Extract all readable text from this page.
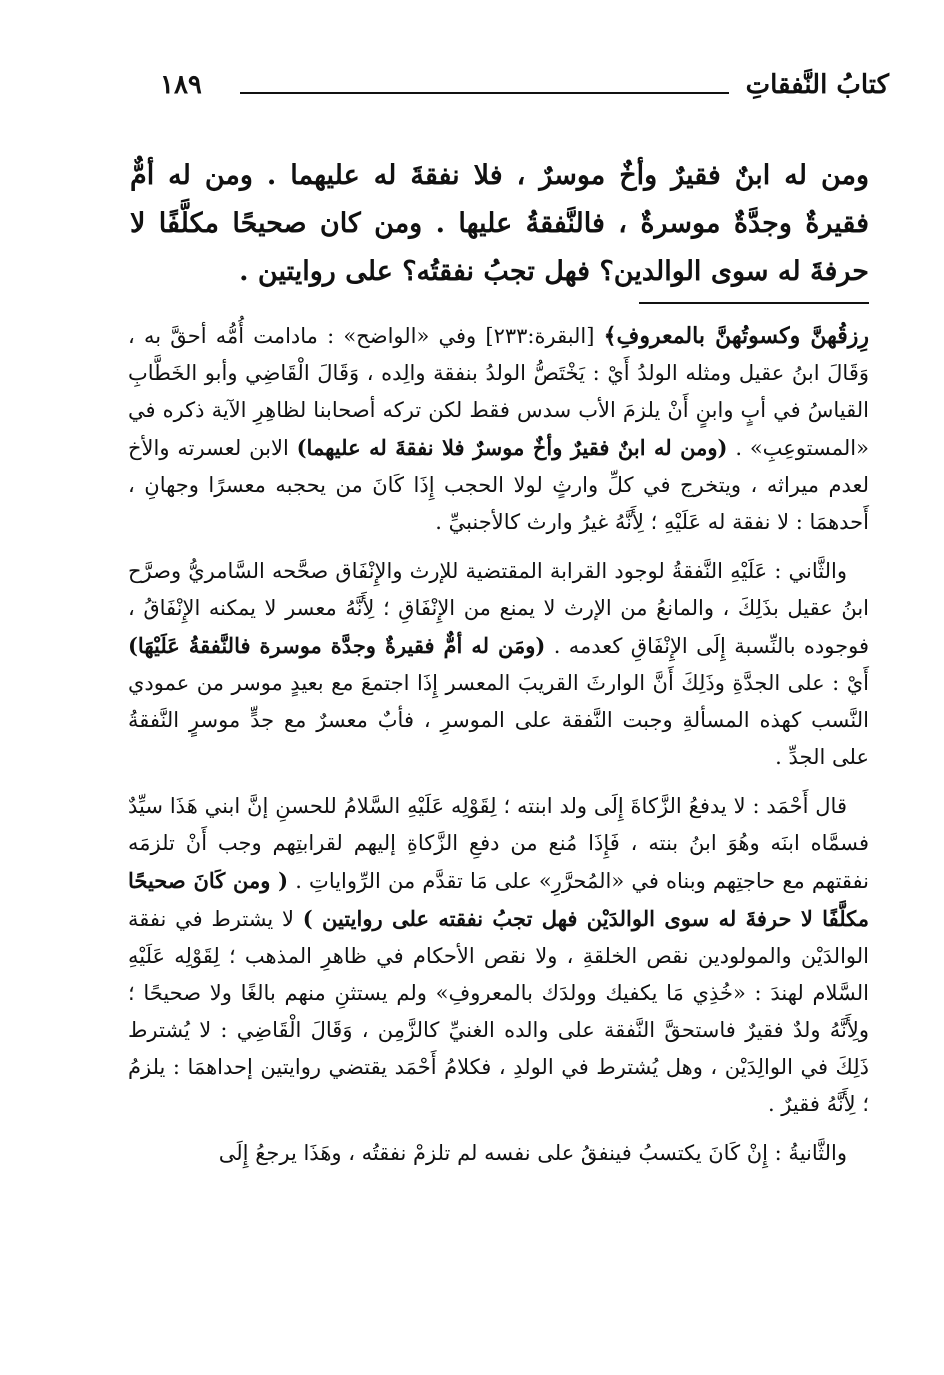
كتابُ النَّفقاتِ
١٨٩
ومن له ابنٌ فقيرٌ وأخٌ موسرٌ ، فلا نفقةَ له عليهما . ومن له أمٌّ فقيرةٌ وجدَّةٌ موسرةٌ ، فالنَّفقةُ عليها . ومن كان صحيحًا مكلَّفًا لا حرفةَ له سوى الوالدين؟ فهل تجبُ نفقتُه؟ على روايتين .

رِزقُهنَّ وكسوتُهنَّ بالمعروفِ﴾ [البقرة:٢٣٣] وفي «الواضح» : مادامت أُمُّه أحقَّ به ، وَقَالَ ابنُ عقيل ومثله الولدُ أَيْ : يَخْتَصُّ الولدُ بنفقة والِده ، وَقَالَ الْقَاضِي وأبو الخَطَّابِ القياسُ في أبٍ وابنٍ أَنْ يلزمَ الأب سدس فقط لكن تركه أصحابنا لظاهِرِ الآية ذكره في «المستوعِبِ» . (ومن له ابنٌ فقيرٌ وأخٌ موسرٌ فلا نفقةَ له عليهما) الابن لعسرته والأخ لعدم ميراثه ، ويتخرج في كلِّ وارثٍ لولا الحجب إِذَا كَانَ من يحجبه معسرًا وجهانِ ، أَحدهمَا : لا نفقة له عَلَيْهِ ؛ لِأَنَّهُ غيرُ وارث كالأجنبيِّ .

والثَّاني : عَلَيْهِ النَّفقةُ لوجود القرابة المقتضية للإرث والإِنْفَاق صحَّحه السَّامريُّ وصرَّح ابنُ عقيل بذَلِكَ ، والمانعُ من الإرث لا يمنع من الإِنْفَاقِ ؛ لِأَنَّهُ معسر لا يمكنه الإِنْفَاقُ ، فوجوده بالنِّسبة إِلَى الإِنْفَاقِ كعدمه . (ومَن له أمٌّ فقيرةٌ وجدَّة موسرة فالنَّفقةُ عَلَيْهَا) أَيْ : على الجدَّةِ وذَلِكَ أَنَّ الوارثَ القريبَ المعسر إِذَا اجتمعَ مع بعيدٍ موسر من عمودي النَّسب كهذه المسألةِ وجبت النَّفقة على الموسرِ ، فأبٌ معسرٌ مع جدٍّ موسرٍ النَّفقةُ على الجدِّ .

قال أَحْمَد : لا يدفعُ الزَّكاةَ إِلَى ولد ابنته ؛ لِقَوْلِه عَلَيْهِ السَّلامُ للحسنِ إنَّ ابني هَذَا سيِّدٌ فسمَّاه ابنَه وهُوَ ابنُ بنته ، فَإِذَا مُنع من دفعِ الزَّكاةِ إليهم لقرابتِهم وجب أَنْ تلزمَه نفقتهم مع حاجتِهم وبناه في «المُحرَّرِ» على مَا تقدَّم من الرِّواياتِ . ( ومن كَانَ صحيحًا مكلَّفًا لا حرفةَ له سوى الوالدَيْن فهل تجبُ نفقته على روايتين ) لا يشترط في نفقة الوالدَيْن والمولودين نقص الخلقةِ ، ولا نقص الأحكام في ظاهرِ المذهب ؛ لِقَوْلِه عَلَيْهِ السَّلام لهندَ : «خُذِي مَا يكفيك وولدَك بالمعروفِ» ولم يستثنِ منهم بالغًا ولا صحيحًا ؛ ولِأَنَّهُ ولدٌ فقيرٌ فاستحقَّ النَّفقة على والده الغنيِّ كالزَّمِن ، وَقَالَ الْقَاضِي : لا يُشترط ذَلِكَ في الوالِدَيْن ، وهل يُشترط في الولدِ ، فكلامُ أَحْمَد يقتضي روايتين إحداهمَا : يلزمُ ؛ لِأَنَّهُ فقيرٌ .

والثَّانيةُ : إِنْ كَانَ يكتسبُ فينفقُ على نفسه لم تلزمْ نفقتُه ، وهَذَا يرجعُ إِلَى
